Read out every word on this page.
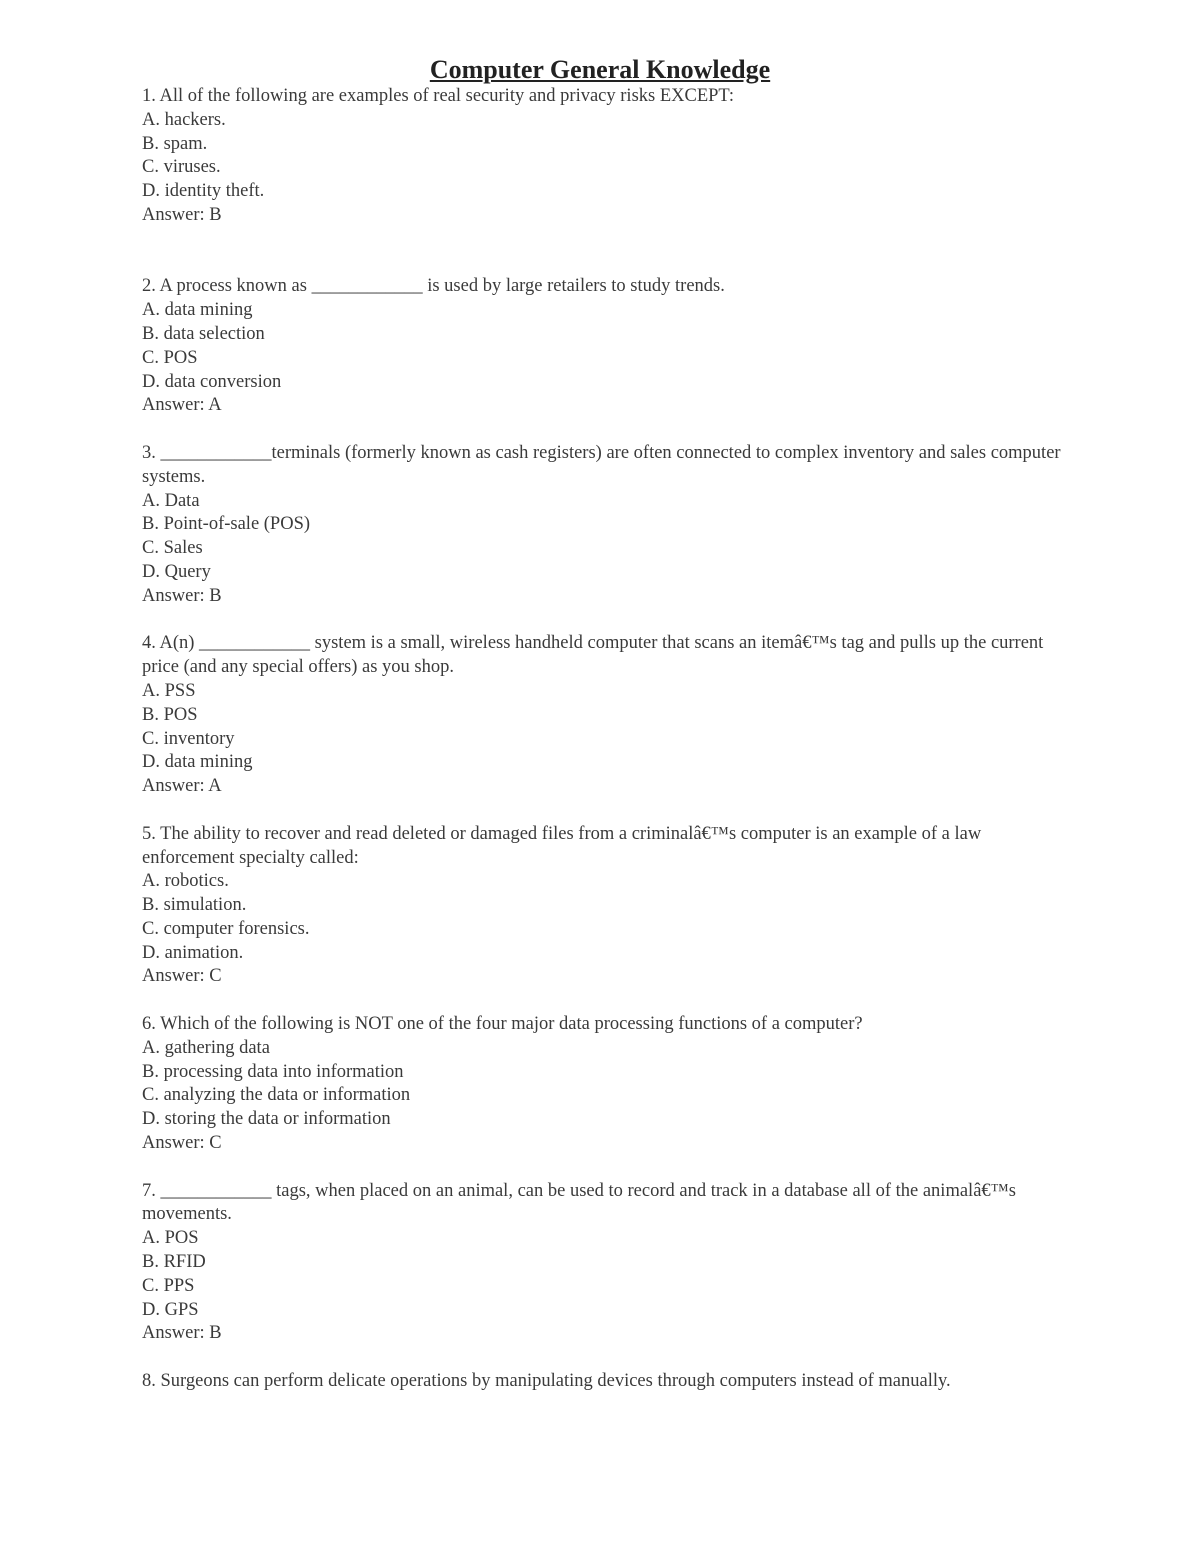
Computer General Knowledge
1. All of the following are examples of real security and privacy risks EXCEPT:
A. hackers.
B. spam.
C. viruses.
D. identity theft.
Answer: B
2. A process known as ____________ is used by large retailers to study trends.
A. data mining
B. data selection
C. POS
D. data conversion
Answer: A
3. ____________terminals (formerly known as cash registers) are often connected to complex inventory and sales computer systems.
A. Data
B. Point-of-sale (POS)
C. Sales
D. Query
Answer: B
4. A(n) ____________ system is a small, wireless handheld computer that scans an itemâ€™s tag and pulls up the current price (and any special offers) as you shop.
A. PSS
B. POS
C. inventory
D. data mining
Answer: A
5. The ability to recover and read deleted or damaged files from a criminalâ€™s computer is an example of a law enforcement specialty called:
A. robotics.
B. simulation.
C. computer forensics.
D. animation.
Answer: C
6. Which of the following is NOT one of the four major data processing functions of a computer?
A. gathering data
B. processing data into information
C. analyzing the data or information
D. storing the data or information
Answer: C
7. ____________ tags, when placed on an animal, can be used to record and track in a database all of the animalâ€™s movements.
A. POS
B. RFID
C. PPS
D. GPS
Answer: B
8. Surgeons can perform delicate operations by manipulating devices through computers instead of manually.
